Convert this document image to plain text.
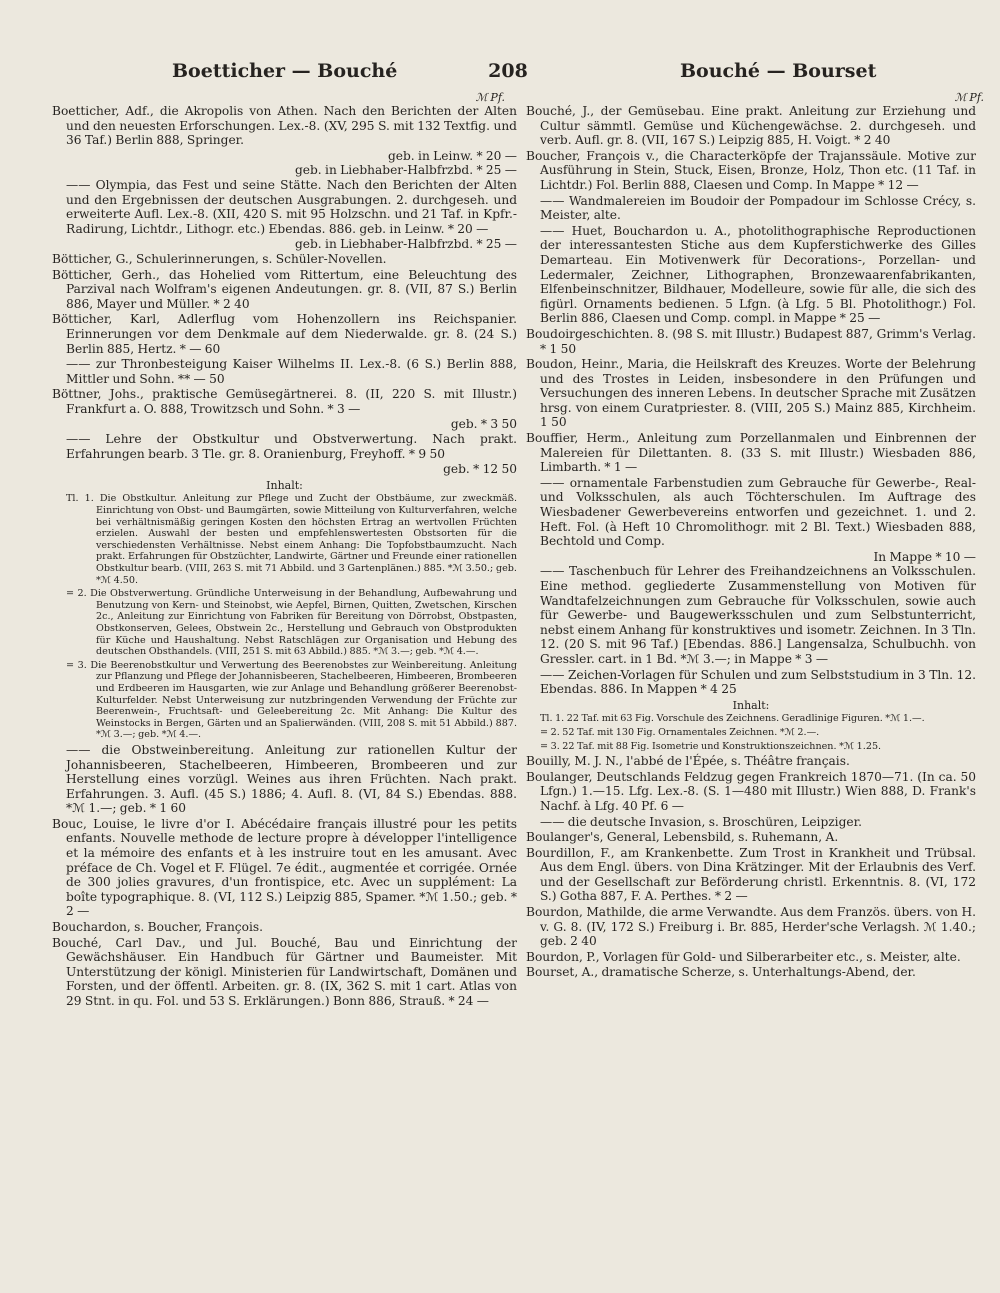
Boetticher — Bouché	208	Bouché — Bourset
ℳ Pf.
Boetticher, Adf., die Akropolis von Athen. Nach den Berichten der Alten und den neuesten Erforschungen. Lex.-8. (XV, 295 S. mit 132 Textfig. und 36 Taf.) Berlin 888, Springer.
geb. in Leinw. * 20 —
geb. in Liebhaber-Halbfrzbd. * 25 —
—— Olympia, das Fest und seine Stätte. Nach den Berichten der Alten und den Ergebnissen der deutschen Ausgrabungen. 2. durchgeseh. und erweiterte Aufl. Lex.-8. (XII, 420 S. mit 95 Holzschn. und 21 Taf. in Kpfr.-Radirung, Lichtdr., Lithogr. etc.) Ebendas. 886. geb. in Leinw. * 20 —
geb. in Liebhaber-Halbfrzbd. * 25 —
Bötticher, G., Schulerinnerungen, s. Schüler-Novellen.
Bötticher, Gerh., das Hohelied vom Rittertum, eine Beleuchtung des Parzival nach Wolfram's eigenen Andeutungen. gr. 8. (VII, 87 S.) Berlin 886, Mayer und Müller. * 2 40
Bötticher, Karl, Adlerflug vom Hohenzollern ins Reichspanier. Erinnerungen vor dem Denkmale auf dem Niederwalde. gr. 8. (24 S.) Berlin 885, Hertz. * — 60
—— zur Thronbesteigung Kaiser Wilhelms II. Lex.-8. (6 S.) Berlin 888, Mittler und Sohn. ** — 50
Böttner, Johs., praktische Gemüsegärtnerei. 8. (II, 220 S. mit Illustr.) Frankfurt a. O. 888, Trowitzsch und Sohn. * 3 —
geb. * 3 50
—— Lehre der Obstkultur und Obstverwertung. Nach prakt. Erfahrungen bearb. 3 Tle. gr. 8. Oranienburg, Freyhoff. * 9 50
geb. * 12 50
Inhalt:
Tl. 1. Die Obstkultur. Anleitung zur Pflege und Zucht der Obstbäume, zur zweckmäß. Einrichtung von Obst- und Baumgärten, sowie Mitteilung von Kulturverfahren, welche bei verhältnismäßig geringen Kosten den höchsten Ertrag an wertvollen Früchten erzielen. Auswahl der besten und empfehlenswertesten Obstsorten für die verschiedensten Verhältnisse. Nebst einem Anhang: Die Topfobstbaumzucht. Nach prakt. Erfahrungen für Obstzüchter, Landwirte, Gärtner und Freunde einer rationellen Obstkultur bearb. (VIII, 263 S. mit 71 Abbild. und 3 Gartenplänen.) 885. *ℳ 3.50.; geb. *ℳ 4.50.
= 2. Die Obstverwertung. Gründliche Unterweisung in der Behandlung, Aufbewahrung und Benutzung von Kern- und Steinobst, wie Aepfel, Birnen, Quitten, Zwetschen, Kirschen 2c., Anleitung zur Einrichtung von Fabriken für Bereitung von Dörrobst, Obstpasten, Obstkonserven, Gelees, Obstwein 2c., Herstellung und Gebrauch von Obstprodukten für Küche und Haushaltung. Nebst Ratschlägen zur Organisation und Hebung des deutschen Obsthandels. (VIII, 251 S. mit 63 Abbild.) 885. *ℳ 3.—; geb. *ℳ 4.—.
= 3. Die Beerenobstkultur und Verwertung des Beerenobstes zur Weinbereitung. Anleitung zur Pflanzung und Pflege der Johannisbeeren, Stachelbeeren, Himbeeren, Brombeeren und Erdbeeren im Hausgarten, wie zur Anlage und Behandlung größerer Beerenobst-Kulturfelder. Nebst Unterweisung zur nutzbringenden Verwendung der Früchte zur Beerenwein-, Fruchtsaft- und Geleebereitung 2c. Mit Anhang: Die Kultur des Weinstocks in Bergen, Gärten und an Spalierwänden. (VIII, 208 S. mit 51 Abbild.) 887. *ℳ 3.—; geb. *ℳ 4.—.
—— die Obstweinbereitung. Anleitung zur rationellen Kultur der Johannisbeeren, Stachelbeeren, Himbeeren, Brombeeren und zur Herstellung eines vorzügl. Weines aus ihren Früchten. Nach prakt. Erfahrungen. 3. Aufl. (45 S.) 1886; 4. Aufl. 8. (VI, 84 S.) Ebendas. 888. *ℳ 1.—; geb. * 1 60
Bouc, Louise, le livre d'or I. Abécédaire français illustré pour les petits enfants. Nouvelle methode de lecture propre à développer l'intelligence et la mémoire des enfants et à les instruire tout en les amusant. Avec préface de Ch. Vogel et F. Flügel. 7e édit., augmentée et corrigée. Ornée de 300 jolies gravures, d'un frontispice, etc. Avec un supplément: La boîte typographique. 8. (VI, 112 S.) Leipzig 885, Spamer. *ℳ 1.50.; geb. * 2 —
Bouchardon, s. Boucher, François.
Bouché, Carl Dav., und Jul. Bouché, Bau und Einrichtung der Gewächshäuser. Ein Handbuch für Gärtner und Baumeister. Mit Unterstützung der königl. Ministerien für Landwirtschaft, Domänen und Forsten, und der öffentl. Arbeiten. gr. 8. (IX, 362 S. mit 1 cart. Atlas von 29 Stnt. in qu. Fol. und 53 S. Erklärungen.) Bonn 886, Strauß. * 24 —
ℳ Pf.
Bouché, J., der Gemüsebau. Eine prakt. Anleitung zur Erziehung und Cultur sämmtl. Gemüse und Küchengewächse. 2. durchgeseh. und verb. Aufl. gr. 8. (VII, 167 S.) Leipzig 885, H. Voigt. * 2 40
Boucher, François v., die Characterköpfe der Trajanssäule. Motive zur Ausführung in Stein, Stuck, Eisen, Bronze, Holz, Thon etc. (11 Taf. in Lichtdr.) Fol. Berlin 888, Claesen und Comp. In Mappe * 12 —
—— Wandmalereien im Boudoir der Pompadour im Schlosse Crécy, s. Meister, alte.
—— Huet, Bouchardon u. A., photolithographische Reproductionen der interessantesten Stiche aus dem Kupferstichwerke des Gilles Demarteau. Ein Motivenwerk für Decorations-, Porzellan- und Ledermaler, Zeichner, Lithographen, Bronzewaarenfabrikanten, Elfenbeinschnitzer, Bildhauer, Modelleure, sowie für alle, die sich des figürl. Ornaments bedienen. 5 Lfgn. (à Lfg. 5 Bl. Photolithogr.) Fol. Berlin 886, Claesen und Comp. compl. in Mappe * 25 —
Boudoirgeschichten. 8. (98 S. mit Illustr.) Budapest 887, Grimm's Verlag. * 1 50
Boudon, Heinr., Maria, die Heilskraft des Kreuzes. Worte der Belehrung und des Trostes in Leiden, insbesondere in den Prüfungen und Versuchungen des inneren Lebens. In deutscher Sprache mit Zusätzen hrsg. von einem Curatpriester. 8. (VIII, 205 S.) Mainz 885, Kirchheim. 1 50
Bouffier, Herm., Anleitung zum Porzellanmalen und Einbrennen der Malereien für Dilettanten. 8. (33 S. mit Illustr.) Wiesbaden 886, Limbarth. * 1 —
—— ornamentale Farbenstudien zum Gebrauche für Gewerbe-, Real- und Volksschulen, als auch Töchterschulen. Im Auftrage des Wiesbadener Gewerbevereins entworfen und gezeichnet. 1. und 2. Heft. Fol. (à Heft 10 Chromolithogr. mit 2 Bl. Text.) Wiesbaden 888, Bechtold und Comp.
In Mappe * 10 —
—— Taschenbuch für Lehrer des Freihandzeichnens an Volksschulen. Eine method. gegliederte Zusammenstellung von Motiven für Wandtafelzeichnungen zum Gebrauche für Volksschulen, sowie auch für Gewerbe- und Baugewerksschulen und zum Selbstunterricht, nebst einem Anhang für konstruktives und isometr. Zeichnen. In 3 Tln. 12. (20 S. mit 96 Taf.) [Ebendas. 886.] Langensalza, Schulbuchh. von Gressler. cart. in 1 Bd. *ℳ 3.—; in Mappe * 3 —
—— Zeichen-Vorlagen für Schulen und zum Selbststudium in 3 Tln. 12. Ebendas. 886. In Mappen * 4 25
Inhalt:
Tl. 1. 22 Taf. mit 63 Fig. Vorschule des Zeichnens. Geradlinige Figuren. *ℳ 1.—.
= 2. 52 Taf. mit 130 Fig. Ornamentales Zeichnen. *ℳ 2.—.
= 3. 22 Taf. mit 88 Fig. Isometrie und Konstruktionszeichnen. *ℳ 1.25.
Bouilly, M. J. N., l'abbé de l'Épée, s. Théâtre français.
Boulanger, Deutschlands Feldzug gegen Frankreich 1870—71. (In ca. 50 Lfgn.) 1.—15. Lfg. Lex.-8. (S. 1—480 mit Illustr.) Wien 888, D. Frank's Nachf. à Lfg. 40 Pf. 6 —
—— die deutsche Invasion, s. Broschüren, Leipziger.
Boulanger's, General, Lebensbild, s. Ruhemann, A.
Bourdillon, F., am Krankenbette. Zum Trost in Krankheit und Trübsal. Aus dem Engl. übers. von Dina Krätzinger. Mit der Erlaubnis des Verf. und der Gesellschaft zur Beförderung christl. Erkenntnis. 8. (VI, 172 S.) Gotha 887, F. A. Perthes. * 2 —
Bourdon, Mathilde, die arme Verwandte. Aus dem Französ. übers. von H. v. G. 8. (IV, 172 S.) Freiburg i. Br. 885, Herder'sche Verlagsh. ℳ 1.40.; geb. 2 40
Bourdon, P., Vorlagen für Gold- und Silberarbeiter etc., s. Meister, alte.
Bourset, A., dramatische Scherze, s. Unterhaltungs-Abend, der.
